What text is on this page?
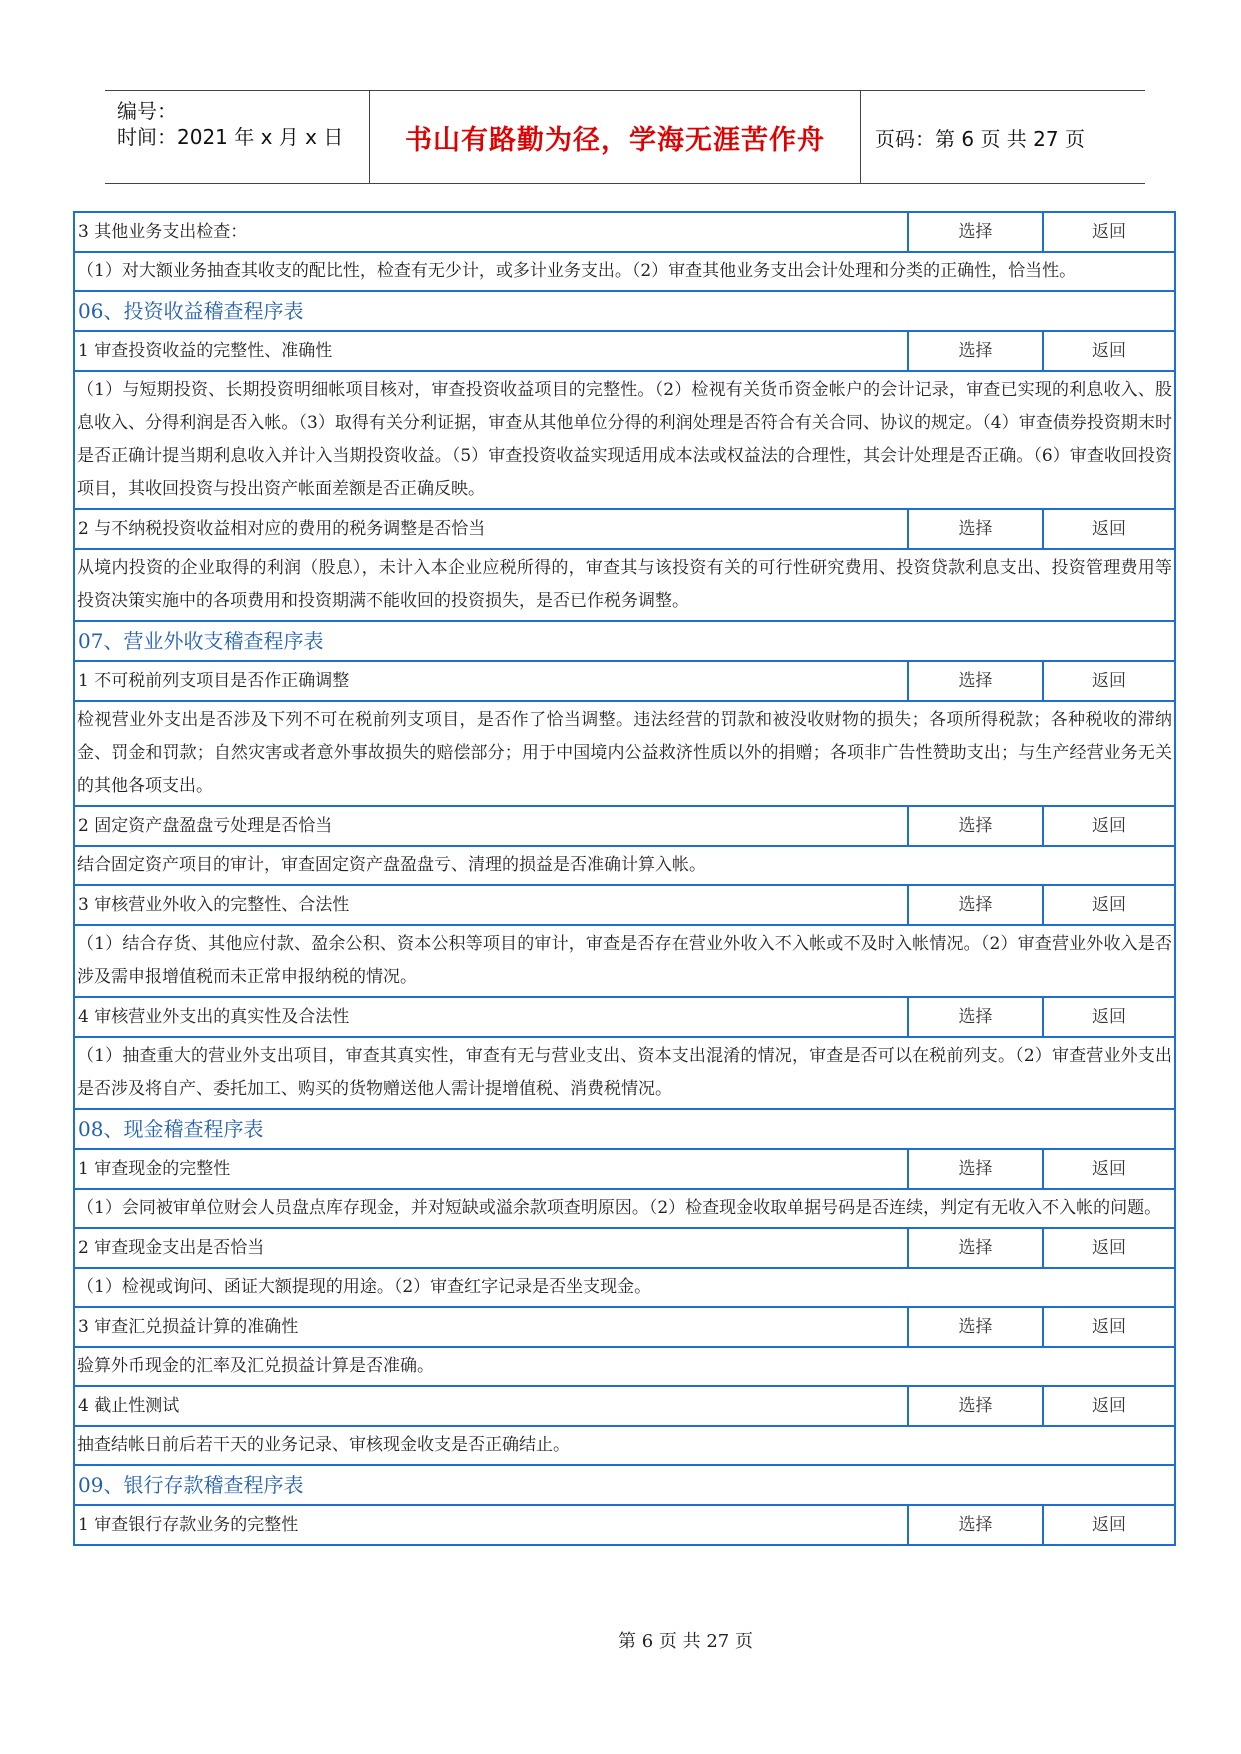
编号：
时间：2021 年 x 月 x 日 书山有路勤为径，学海无涯苦作舟	页码：第 6 页 共 27 页
3 其他业务支出检查：	选择	返回
（1）对大额业务抽查其收支的配比性，检查有无少计，或多计业务支出。（2）审查其他业务支出会计处理和分类的正确性，恰当性。		
06、投资收益稽查程序表		
1 审查投资收益的完整性、准确性	选择	返回
（1）与短期投资、长期投资明细帐项目核对，审查投资收益项目的完整性。（2）检视有关货币资金帐户的会计记录，审查已实现的利息收入、股息收入、分得利润是否入帐。（3）取得有关分利证据，审查从其他单位分得的利润处理是否符合有关合同、协议的规定。（4）审查债券投资期末时是否正确计提当期利息收入并计入当期投资收益。（5）审查投资收益实现适用成本法或权益法的合理性，其会计处理是否正确。（6）审查收回投资项目，其收回投资与投出资产帐面差额是否正确反映。		
2 与不纳税投资收益相对应的费用的税务调整是否恰当	选择	返回
从境内投资的企业取得的利润（股息），未计入本企业应税所得的，审查其与该投资有关的可行性研究费用、投资贷款利息支出、投资管理费用等投资决策实施中的各项费用和投资期满不能收回的投资损失，是否已作税务调整。		
07、营业外收支稽查程序表		
1 不可税前列支项目是否作正确调整	选择	返回
检视营业外支出是否涉及下列不可在税前列支项目，是否作了恰当调整。违法经营的罚款和被没收财物的损失；各项所得税款；各种税收的滞纳金、罚金和罚款；自然灾害或者意外事故损失的赔偿部分；用于中国境内公益救济性质以外的捐赠；各项非广告性赞助支出；与生产经营业务无关的其他各项支出。		
2 固定资产盘盈盘亏处理是否恰当	选择	返回
结合固定资产项目的审计，审查固定资产盘盈盘亏、清理的损益是否准确计算入帐。		
3 审核营业外收入的完整性、合法性	选择	返回
（1）结合存货、其他应付款、盈余公积、资本公积等项目的审计，审查是否存在营业外收入不入帐或不及时入帐情况。（2）审查营业外收入是否涉及需申报增值税而未正常申报纳税的情况。		
4 审核营业外支出的真实性及合法性	选择	返回
（1）抽查重大的营业外支出项目，审查其真实性，审查有无与营业支出、资本支出混淆的情况，审查是否可以在税前列支。（2）审查营业外支出是否涉及将自产、委托加工、购买的货物赠送他人需计提增值税、消费税情况。		
08、现金稽查程序表		
1 审查现金的完整性	选择	返回
（1）会同被审单位财会人员盘点库存现金，并对短缺或溢余款项查明原因。（2）检查现金收取单据号码是否连续，判定有无收入不入帐的问题。		
2 审查现金支出是否恰当	选择	返回
（1）检视或询问、函证大额提现的用途。（2）审查红字记录是否坐支现金。		
3 审查汇兑损益计算的准确性	选择	返回
验算外币现金的汇率及汇兑损益计算是否准确。		
4 截止性测试	选择	返回
抽查结帐日前后若干天的业务记录、审核现金收支是否正确结止。		
09、银行存款稽查程序表		
1 审查银行存款业务的完整性	选择	返回
第 6 页 共 27 页
